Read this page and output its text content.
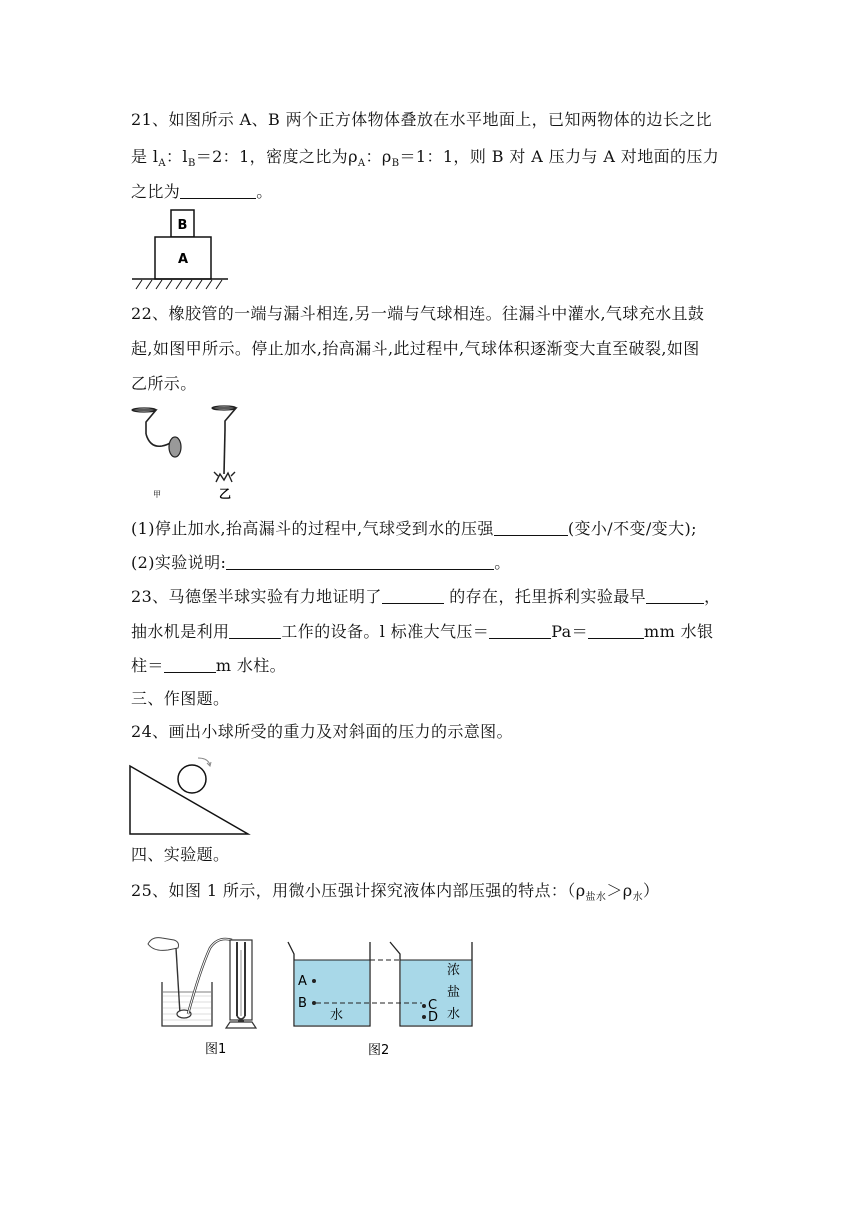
21、如图所示 A、B 两个正方体物体叠放在水平地面上，已知两物体的边长之比
是 $l_A$：$l_B=2$：1，密度之比为$\rho_A$：$\rho_B=1$：1，则 B 对 A 压力与 A 对地面的压力
之比为	。
B
A
22、橡胶管的一端与漏斗相连,另一端与气球相连。往漏斗中灌水,气球充水且鼓
起,如图甲所示。停止加水,抬高漏斗,此过程中,气球体积逐渐变大直至破裂,如图
乙所示。
甲	乙
(1)停止加水,抬高漏斗的过程中,气球受到水的压强	(变小/不变/变大);
(2)实验说明:	。
23、马德堡半球实验有力地证明了	的存在，托里拆利实验最早	，
抽水机是利用	工作的设备。l 标准大气压＝	Pa＝	mm 水银
柱＝	m 水柱。
三、作图题。
24、画出小球所受的重力及对斜面的压力的示意图。
四、实验题。
25、如图 1 所示，用微小压强计探究液体内部压强的特点：$(\rho_{盐水}>\rho_水)$
图1
A
B
水
C
D
浓
盐
水
图2
